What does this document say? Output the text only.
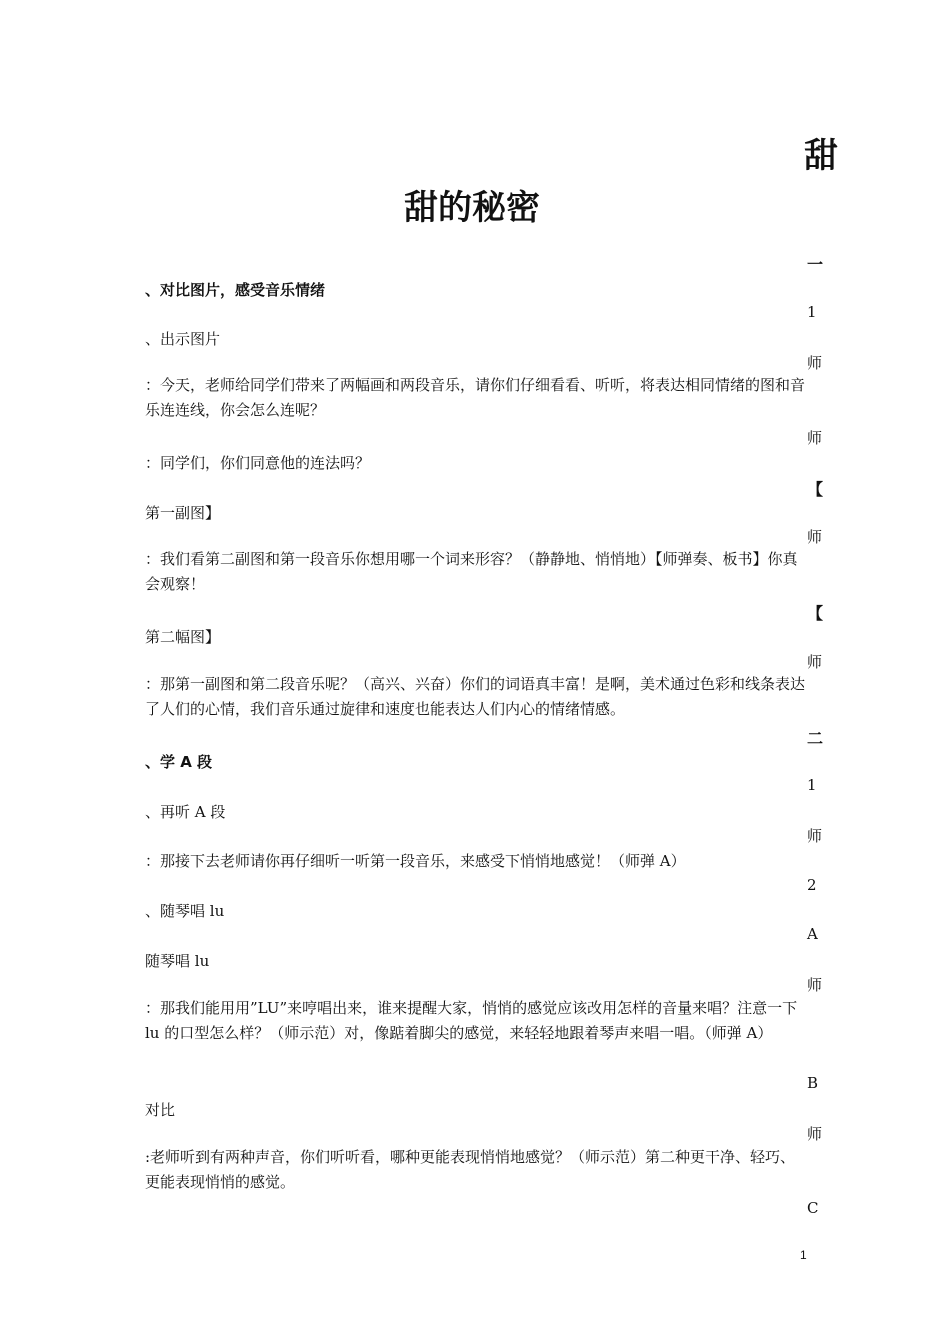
甜
甜的秘密
一
、对比图片，感受音乐情绪
1
、出示图片
师

：今天，老师给同学们带来了两幅画和两段音乐，请你们仔细看看、听听，将表达相同情绪的图和音乐连连线，你会怎么连呢？

师
：同学们，你们同意他的连法吗？
【
第一副图】
师

：我们看第二副图和第一段音乐你想用哪一个词来形容？（静静地、悄悄地）【师弹奏、板书】你真会观察！

【
第二幅图】
师

：那第一副图和第二段音乐呢？（高兴、兴奋）你们的词语真丰富！是啊，美术通过色彩和线条表达了人们的心情，我们音乐通过旋律和速度也能表达人们内心的情绪情感。

二
、学 A 段
1
、再听 A 段
师
：那接下去老师请你再仔细听一听第一段音乐，来感受下悄悄地感觉！（师弹 A）
2
、随琴唱 lu
A
随琴唱 lu
师

：那我们能用用”LU”来哼唱出来，谁来提醒大家，悄悄的感觉应该改用怎样的音量来唱？注意一下 lu 的口型怎么样？（师示范）对，像踮着脚尖的感觉，来轻轻地跟着琴声来唱一唱。（师弹 A）

B
对比
师

:老师听到有两种声音，你们听听看，哪种更能表现悄悄地感觉？（师示范）第二种更干净、轻巧、更能表现悄悄的感觉。

C
1
